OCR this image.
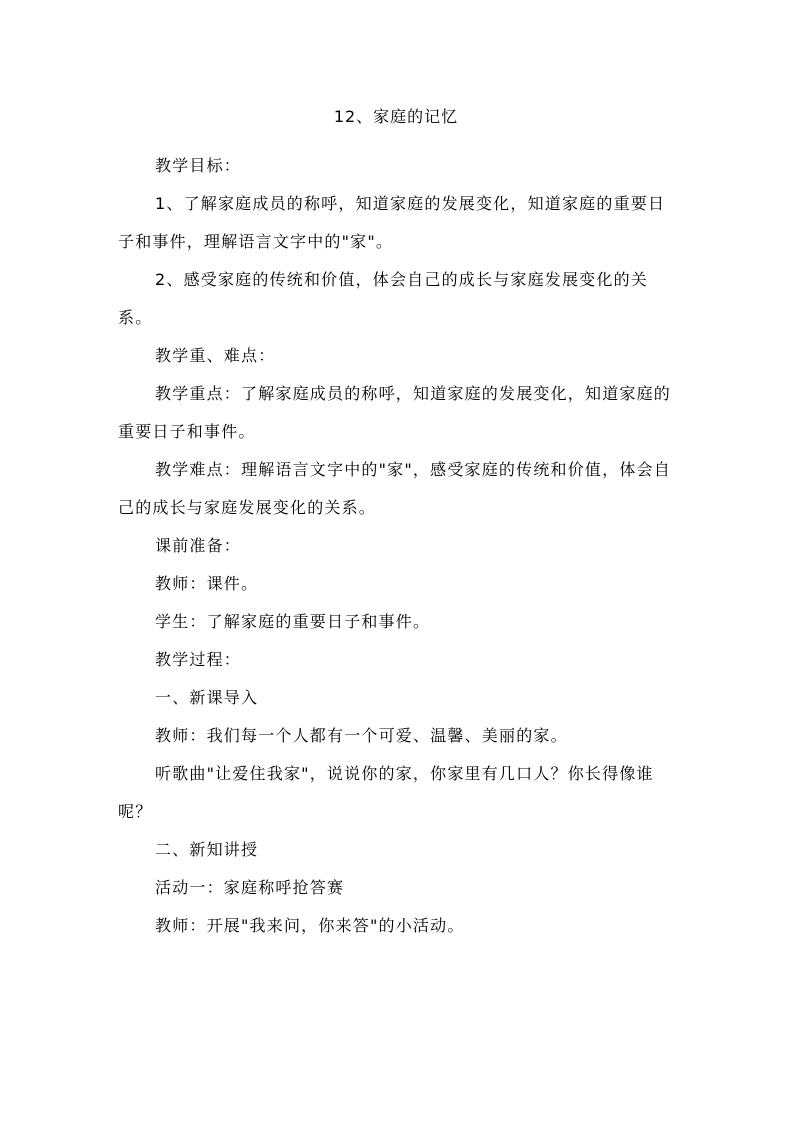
12、家庭的记忆

教学目标：

1、了解家庭成员的称呼，知道家庭的发展变化，知道家庭的重要日子和事件，理解语言文字中的"家"。

2、感受家庭的传统和价值，体会自己的成长与家庭发展变化的关系。

教学重、难点：

教学重点：了解家庭成员的称呼，知道家庭的发展变化，知道家庭的重要日子和事件。

教学难点：理解语言文字中的"家"，感受家庭的传统和价值，体会自己的成长与家庭发展变化的关系。

课前准备：

教师：课件。

学生：了解家庭的重要日子和事件。

教学过程：

一、新课导入

教师：我们每一个人都有一个可爱、温馨、美丽的家。

听歌曲"让爱住我家"，说说你的家，你家里有几口人？你长得像谁呢？

二、新知讲授

活动一：家庭称呼抢答赛

教师：开展"我来问，你来答"的小活动。
